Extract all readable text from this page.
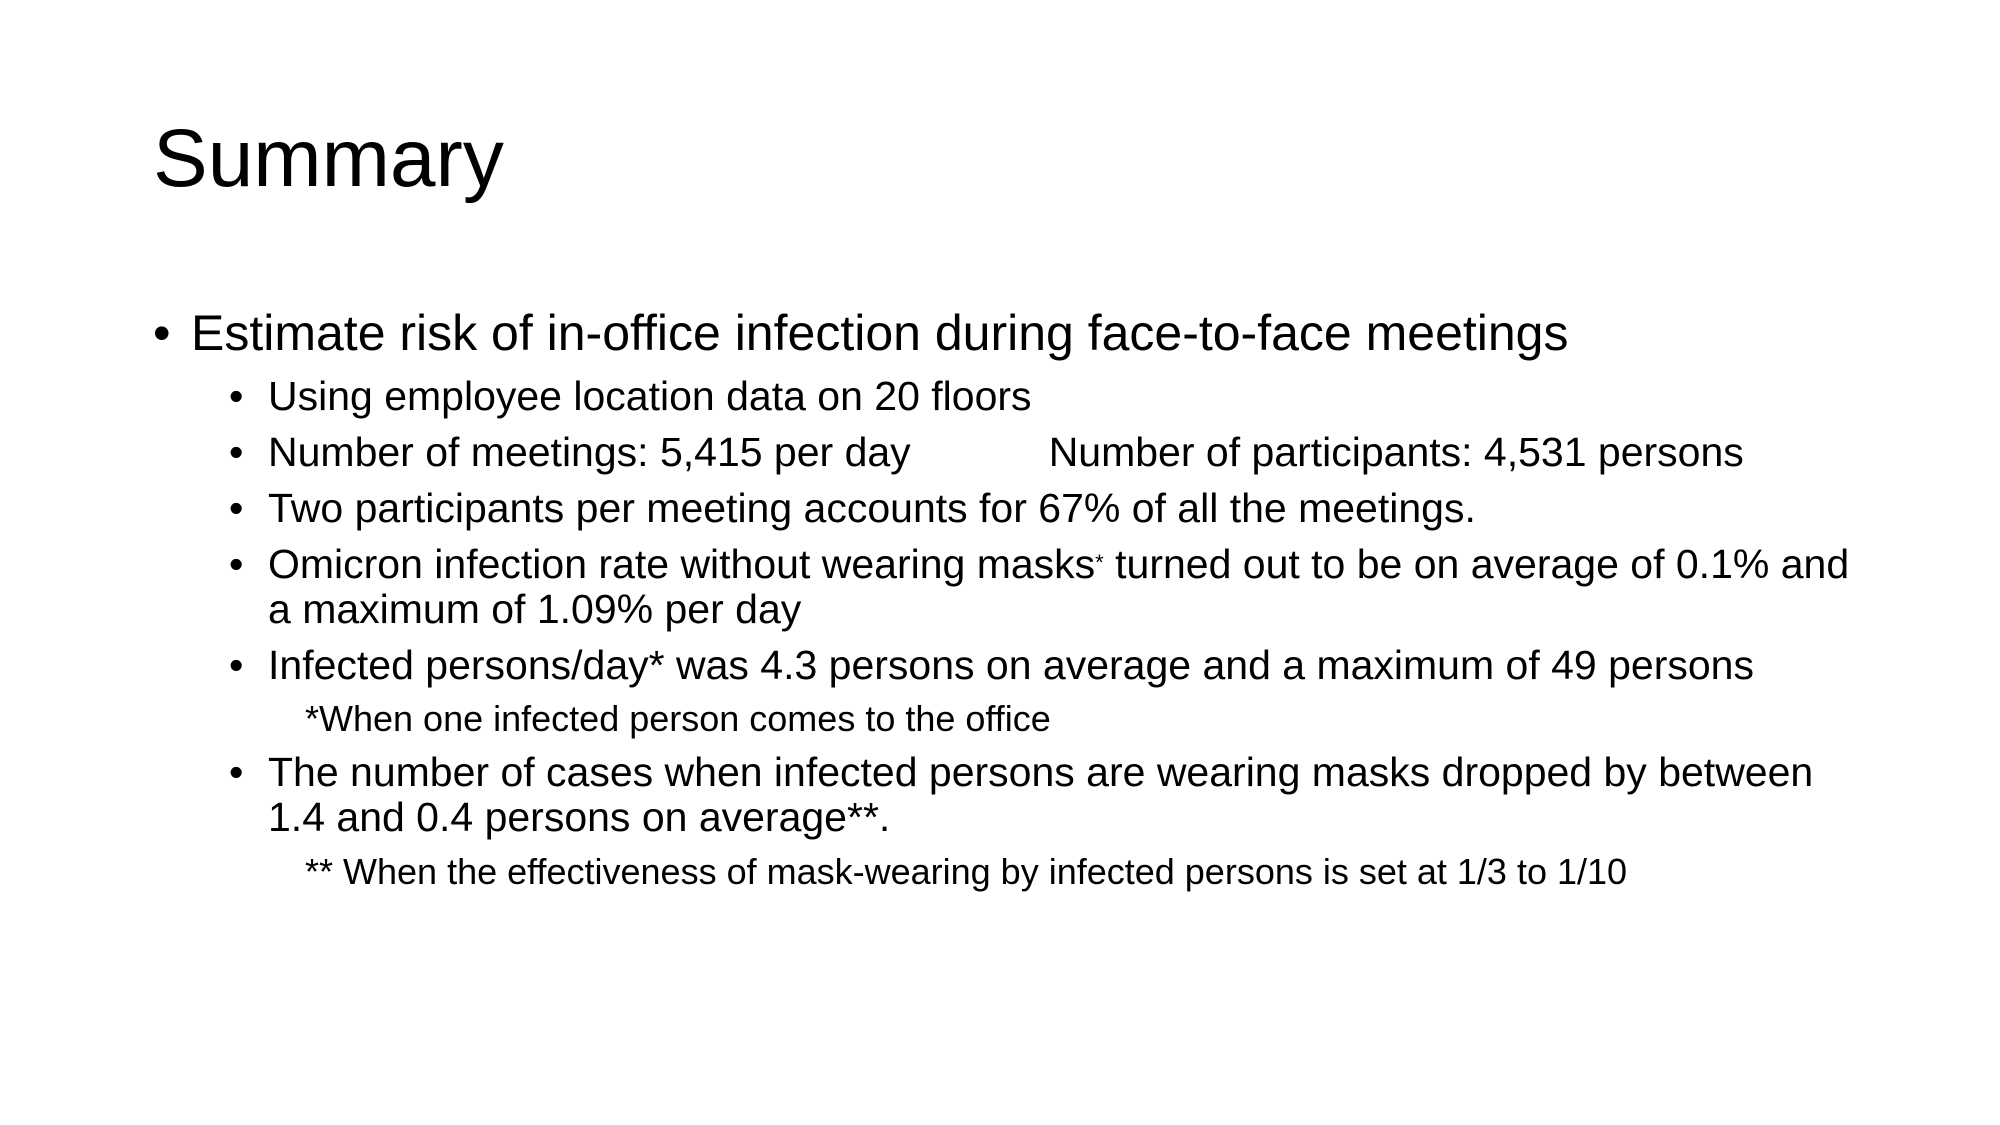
Summary
• Estimate risk of in-office infection during face-to-face meetings
• Using employee location data on 20 floors
• Number of meetings: 5,415 per day	Number of participants: 4,531 persons
• Two participants per meeting accounts for 67% of all the meetings.
• Omicron infection rate without wearing masks* turned out to be on average of 0.1% and a maximum of 1.09% per day
• Infected persons/day* was 4.3 persons on average and a maximum of 49 persons
*When one infected person comes to the office
• The number of cases when infected persons are wearing masks dropped by between 1.4 and 0.4 persons on average**.
** When the effectiveness of mask-wearing by infected persons is set at 1/3 to 1/10
